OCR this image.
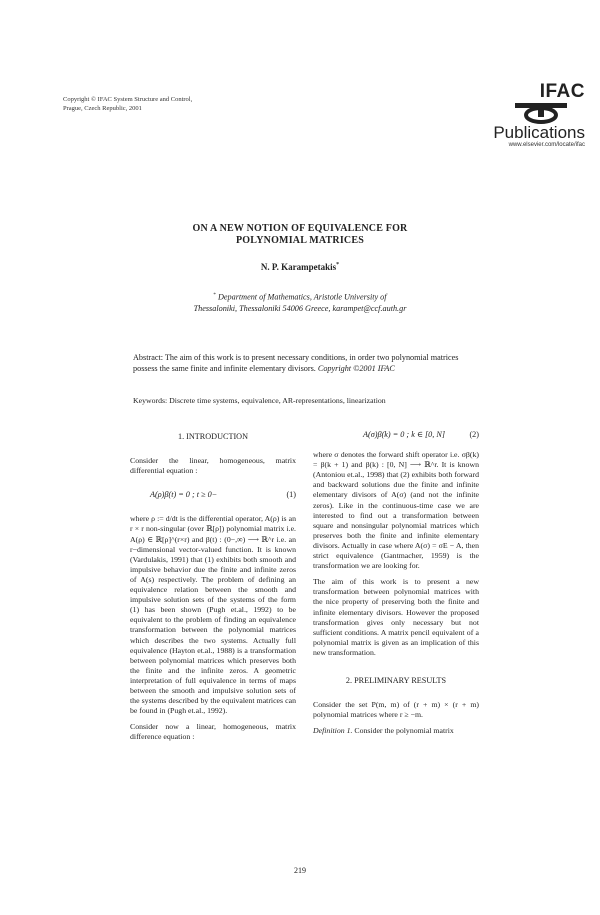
Copyright © IFAC System Structure and Control,
Prague, Czech Republic, 2001
IFAC
Publications
www.elsevier.com/locate/ifac
ON A NEW NOTION OF EQUIVALENCE FOR
POLYNOMIAL MATRICES
N. P. Karampetakis*
* Department of Mathematics, Aristotle University of
Thessaloniki, Thessaloniki 54006 Greece, karampet@ccf.auth.gr
Abstract: The aim of this work is to present necessary conditions, in order two polynomial matrices possess the same finite and infinite elementary divisors. Copyright ©2001 IFAC
Keywords: Discrete time systems, equivalence, AR-representations, linearization
1. INTRODUCTION

Consider the linear, homogeneous, matrix differential equation :

A(ρ)β(t) = 0 ; t ≥ 0−	(1)

where ρ := d/dt is the differential operator, A(ρ) is an r × r non-singular (over ℝ[ρ]) polynomial matrix i.e. A(ρ) ∈ ℝ[ρ]^(r×r) and β(t) : (0−,∞) ⟶ ℝ^r i.e. an r−dimensional vector-valued function. It is known (Vardulakis, 1991) that (1) exhibits both smooth and impulsive behavior due the finite and infinite zeros of A(s) respectively. The problem of defining an equivalence relation between the smooth and impulsive solution sets of the systems of the form (1) has been shown (Pugh et.al., 1992) to be equivalent to the problem of finding an equivalence transformation between the polynomial matrices which describes the two systems. Actually full equivalence (Hayton et.al., 1988) is a transformation between polynomial matrices which preserves both the finite and the infinite zeros. A geometric interpretation of full equivalence in terms of maps between the smooth and impulsive solution sets of the systems described by the equivalent matrices can be found in (Pugh et.al., 1992).

Consider now a linear, homogeneous, matrix difference equation :

A(σ)β(k) = 0 ; k ∈ [0, N]	(2)

where σ denotes the forward shift operator i.e. σβ(k) = β(k + 1) and β(k) : [0, N] ⟶ ℝ^r. It is known (Antoniou et.al., 1998) that (2) exhibits both forward and backward solutions due the finite and infinite elementary divisors of A(σ) (and not the infinite zeros). Like in the continuous-time case we are interested to find out a transformation between square and nonsingular polynomial matrices which preserves both the finite and infinite elementary divisors. Actually in case where A(σ) = σE − A, then strict equivalence (Gantmacher, 1959) is the transformation we are looking for.

The aim of this work is to present a new transformation between polynomial matrices with the nice property of preserving both the finite and infinite elementary divisors. However the proposed transformation gives only necessary but not sufficient conditions. A matrix pencil equivalent of a polynomial matrix is given as an implication of this new transformation.

2. PRELIMINARY RESULTS

Consider the set P(m, m) of (r + m) × (r + m) polynomial matrices where r ≥ −m.

Definition 1. Consider the polynomial matrix

219
